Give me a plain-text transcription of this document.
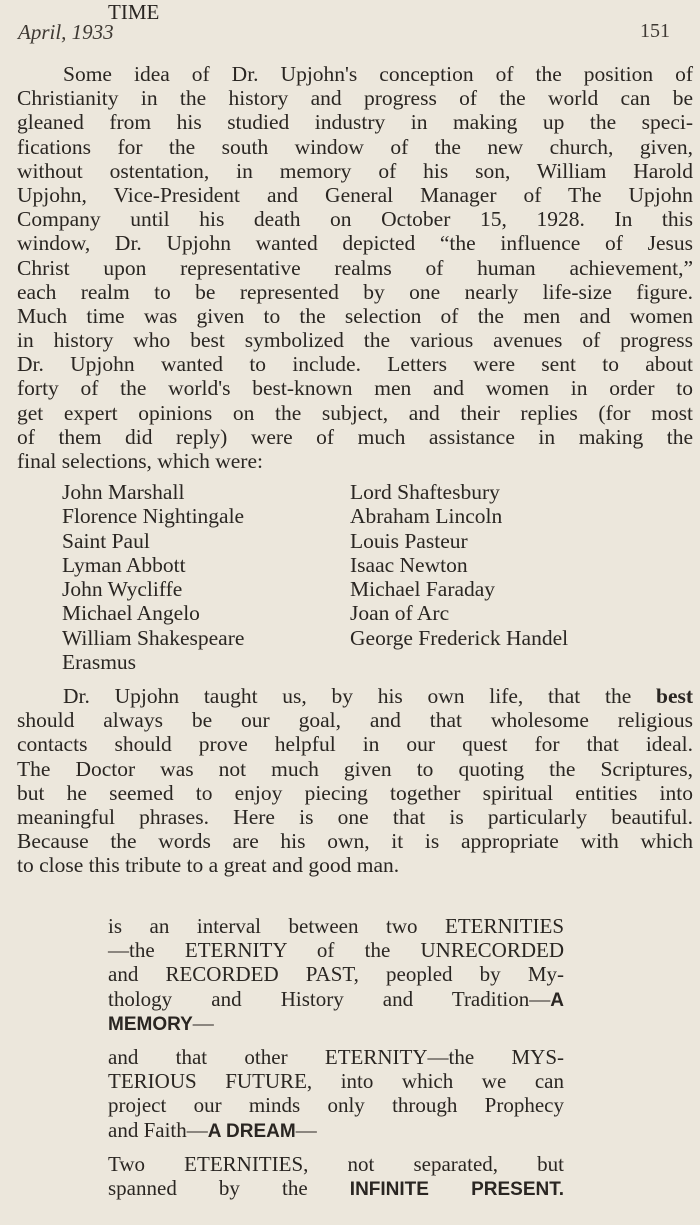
April, 1933	151
Some idea of Dr. Upjohn's conception of the position of
Christianity in the history and progress of the world can be
gleaned from his studied industry in making up the speci-
fications for the south window of the new church, given,
without ostentation, in memory of his son, William Harold
Upjohn, Vice-President and General Manager of The Upjohn
Company until his death on October 15, 1928. In this
window, Dr. Upjohn wanted depicted “the influence of Jesus
Christ upon representative realms of human achievement,”
each realm to be represented by one nearly life-size figure.
Much time was given to the selection of the men and women
in history who best symbolized the various avenues of progress
Dr. Upjohn wanted to include. Letters were sent to about
forty of the world's best-known men and women in order to
get expert opinions on the subject, and their replies (for most
of them did reply) were of much assistance in making the
final selections, which were:
John Marshall
Florence Nightingale
Saint Paul
Lyman Abbott
John Wycliffe
Michael Angelo
William Shakespeare
Erasmus
Lord Shaftesbury
Abraham Lincoln
Louis Pasteur
Isaac Newton
Michael Faraday
Joan of Arc
George Frederick Handel
Dr. Upjohn taught us, by his own life, that the best
should always be our goal, and that wholesome religious
contacts should prove helpful in our quest for that ideal.
The Doctor was not much given to quoting the Scriptures,
but he seemed to enjoy piecing together spiritual entities into
meaningful phrases. Here is one that is particularly beautiful.
Because the words are his own, it is appropriate with which
to close this tribute to a great and good man.
TIME
is an interval between two ETERNITIES
—the ETERNITY of the UNRECORDED
and RECORDED PAST, peopled by My-
thology and History and Tradition—A
MEMORY—
and that other ETERNITY—the MYS-
TERIOUS FUTURE, into which we can
project our minds only through Prophecy
and Faith—A DREAM—
Two ETERNITIES, not separated, but
spanned by the INFINITE PRESENT.
